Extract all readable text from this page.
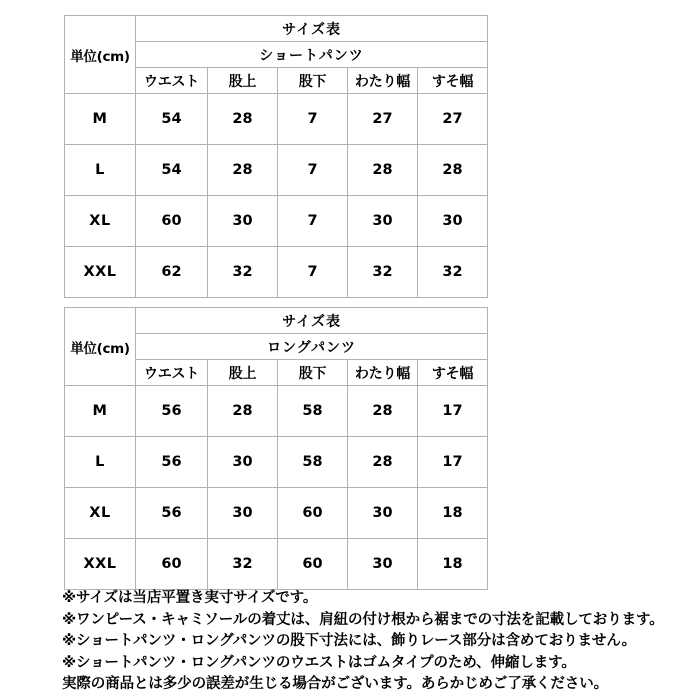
単位(cm)	サイズ表				
	ショートパンツ				
	ウエスト	股上	股下	わたり幅	すそ幅
M	54	28	7	27	27
L	54	28	7	28	28
XL	60	30	7	30	30
XXL	62	32	7	32	32
単位(cm)	サイズ表				
	ロングパンツ				
	ウエスト	股上	股下	わたり幅	すそ幅
M	56	28	58	28	17
L	56	30	58	28	17
XL	56	30	60	30	18
XXL	60	32	60	30	18
※サイズは当店平置き実寸サイズです。
※ワンピース・キャミソールの着丈は、肩紐の付け根から裾までの寸法を記載しております。
※ショートパンツ・ロングパンツの股下寸法には、飾りレース部分は含めておりません。
※ショートパンツ・ロングパンツのウエストはゴムタイプのため、伸縮します。
実際の商品とは多少の誤差が生じる場合がございます。あらかじめご了承ください。
